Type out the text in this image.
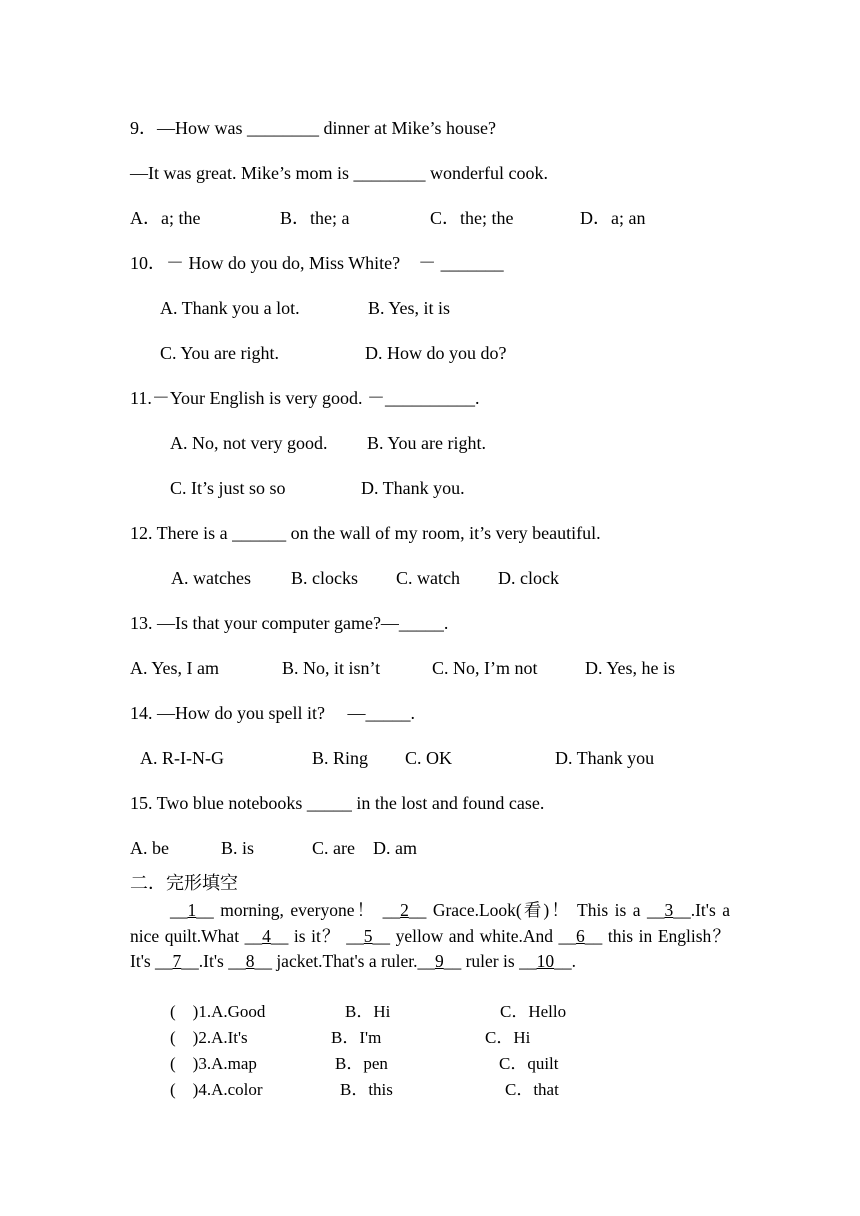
9．—How was ________ dinner at Mike’s house?
—It was great. Mike’s mom is ________ wonderful cook.
A．a; the	B．the; a	C．the; the	D．a; an
10．－ How do you do, Miss White?　－ _______
A. Thank you a lot.	B. Yes, it is
C. You are right.	D. How do you do?
11.－Your English is very good. －__________.
A. No, not very good. B. You are right.
C. It’s just so so	D. Thank you.
12. There is a ______ on the wall of my room, it’s very beautiful.
A. watches B. clocks C. watch D. clock
13. —Is that your computer game?—_____.
A. Yes, I am	B. No, it isn’t	C. No, I’m not	D. Yes, he is
14. —How do you spell it?　 —_____.
A. R-I-N-G	B. Ring C. OK	D. Thank you
15. Two blue notebooks _____ in the lost and found case.
A. be	B. is	C. are D. am
二．完形填空
__1__ morning, everyone！ __2__ Grace.Look(看)！ This is a __3__.It's a nice quilt.What __4__ is it？ __5__ yellow and white.And __6__ this in English？It's __7__.It's __8__ jacket.That's a ruler.__9__ ruler is __10__.
(　)1.A.Good	B．Hi	C．Hello
(　)2.A.It's	B．I'm	C．Hi
(　)3.A.map	B．pen	C．quilt
(　)4.A.color	B．this	C．that
